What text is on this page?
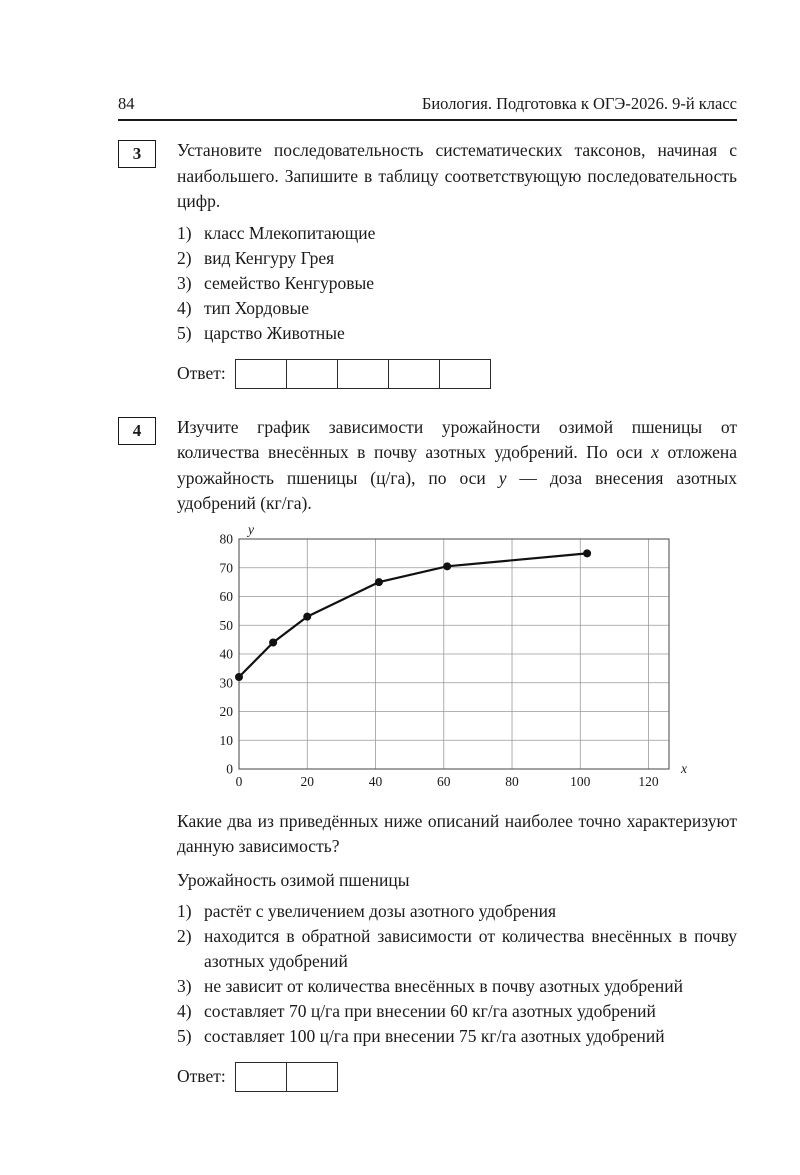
84	Биология. Подготовка к ОГЭ-2026. 9-й класс
3 Установите последовательность систематических таксонов, начиная с наибольшего. Запишите в таблицу соответствующую последовательность цифр.
1) класс Млекопитающие
2) вид Кенгуру Грея
3) семейство Кенгуровые
4) тип Хордовые
5) царство Животные
Ответ:
4 Изучите график зависимости урожайности озимой пшеницы от количества внесённых в почву азотных удобрений. По оси x отложена урожайность пшеницы (ц/га), по оси y — доза внесения азотных удобрений (кг/га).
0
10
20
30
40
50
60
70
80
0	20	40	60	80	100	120
y
x
Какие два из приведённых ниже описаний наиболее точно характеризуют данную зависимость?
Урожайность озимой пшеницы
1) растёт с увеличением дозы азотного удобрения
2) находится в обратной зависимости от количества внесённых в почву азотных удобрений
3) не зависит от количества внесённых в почву азотных удобрений
4) составляет 70 ц/га при внесении 60 кг/га азотных удобрений
5) составляет 100 ц/га при внесении 75 кг/га азотных удобрений
Ответ:
